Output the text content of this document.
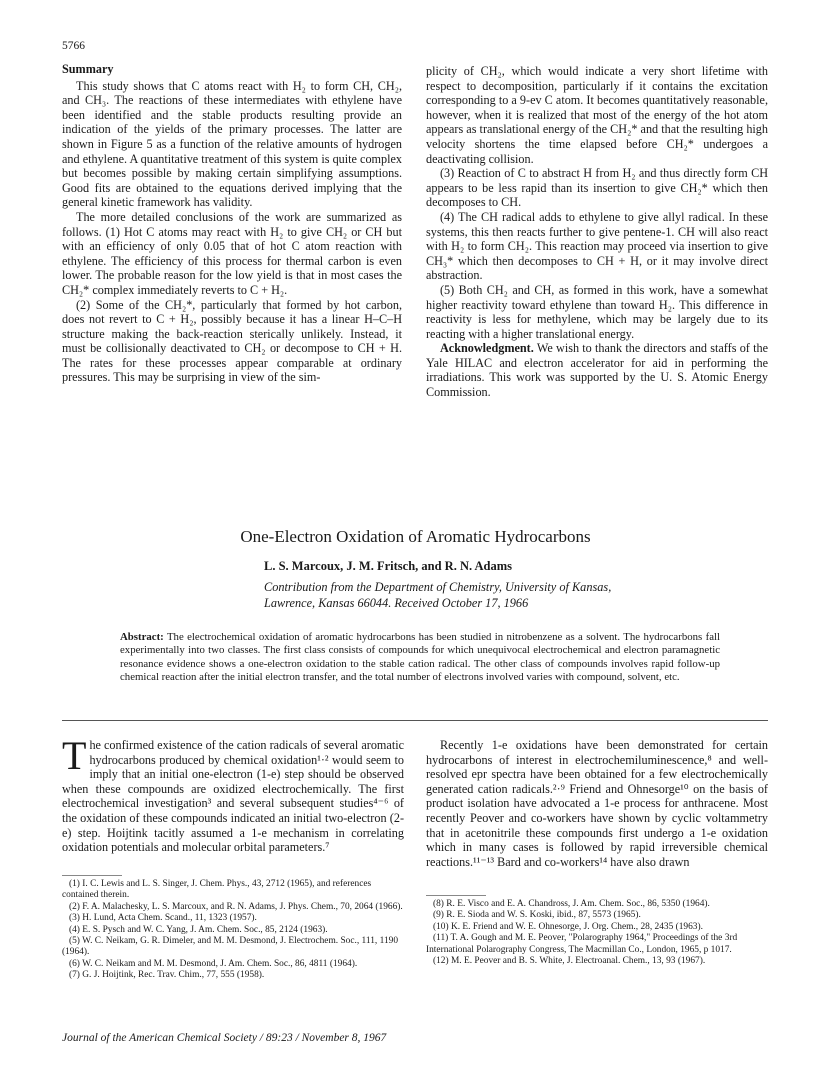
5766
Summary

This study shows that C atoms react with H₂ to form CH, CH₂, and CH₃. The reactions of these intermediates with ethylene have been identified and the stable products resulting provide an indication of the yields of the primary processes. The latter are shown in Figure 5 as a function of the relative amounts of hydrogen and ethylene. A quantitative treatment of this system is quite complex but becomes possible by making certain simplifying assumptions. Good fits are obtained to the equations derived implying that the general kinetic framework has validity.

The more detailed conclusions of the work are summarized as follows. (1) Hot C atoms may react with H₂ to give CH₂ or CH but with an efficiency of only 0.05 that of hot C atom reaction with ethylene. The efficiency of this process for thermal carbon is even lower. The probable reason for the low yield is that in most cases the CH₂* complex immediately reverts to C + H₂.

(2) Some of the CH₂*, particularly that formed by hot carbon, does not revert to C + H₂, possibly because it has a linear H–C–H structure making the back-reaction sterically unlikely. Instead, it must be collisionally deactivated to CH₂ or decompose to CH + H. The rates for these processes appear comparable at ordinary pressures. This may be surprising in view of the sim-

plicity of CH₂, which would indicate a very short lifetime with respect to decomposition, particularly if it contains the excitation corresponding to a 9-ev C atom. It becomes quantitatively reasonable, however, when it is realized that most of the energy of the hot atom appears as translational energy of the CH₂* and that the resulting high velocity shortens the time elapsed before CH₂* undergoes a deactivating collision.

(3) Reaction of C to abstract H from H₂ and thus directly form CH appears to be less rapid than its insertion to give CH₂* which then decomposes to CH.

(4) The CH radical adds to ethylene to give allyl radical. In these systems, this then reacts further to give pentene-1. CH will also react with H₂ to form CH₂. This reaction may proceed via insertion to give CH₃* which then decomposes to CH + H, or it may involve direct abstraction.

(5) Both CH₂ and CH, as formed in this work, have a somewhat higher reactivity toward ethylene than toward H₂. This difference in reactivity is less for methylene, which may be largely due to its reacting with a higher translational energy.

Acknowledgment. We wish to thank the directors and staffs of the Yale HILAC and electron accelerator for aid in performing the irradiations. This work was supported by the U. S. Atomic Energy Commission.

One-Electron Oxidation of Aromatic Hydrocarbons
L. S. Marcoux, J. M. Fritsch, and R. N. Adams
Contribution from the Department of Chemistry, University of Kansas,
Lawrence, Kansas 66044. Received October 17, 1966
Abstract: The electrochemical oxidation of aromatic hydrocarbons has been studied in nitrobenzene as a solvent. The hydrocarbons fall experimentally into two classes. The first class consists of compounds for which unequivocal electrochemical and electron paramagnetic resonance evidence shows a one-electron oxidation to the stable cation radical. The other class of compounds involves rapid follow-up chemical reaction after the initial electron transfer, and the total number of electrons involved varies with compound, solvent, etc.
The confirmed existence of the cation radicals of several aromatic hydrocarbons produced by chemical oxidation¹·² would seem to imply that an initial one-electron (1-e) step should be observed when these compounds are oxidized electrochemically. The first electrochemical investigation³ and several subsequent studies⁴⁻⁶ of the oxidation of these compounds indicated an initial two-electron (2-e) step. Hoijtink tacitly assumed a 1-e mechanism in correlating oxidation potentials and molecular orbital parameters.⁷

Recently 1-e oxidations have been demonstrated for certain hydrocarbons of interest in electrochemiluminescence,⁸ and well-resolved epr spectra have been obtained for a few electrochemically generated cation radicals.²·⁹ Friend and Ohnesorge¹⁰ on the basis of product isolation have advocated a 1-e process for anthracene. Most recently Peover and co-workers have shown by cyclic voltammetry that in acetonitrile these compounds first undergo a 1-e oxidation which in many cases is followed by rapid irreversible chemical reactions.¹¹⁻¹³ Bard and co-workers¹⁴ have also drawn

(1) I. C. Lewis and L. S. Singer, J. Chem. Phys., 43, 2712 (1965), and references contained therein.

(2) F. A. Malachesky, L. S. Marcoux, and R. N. Adams, J. Phys. Chem., 70, 2064 (1966).

(3) H. Lund, Acta Chem. Scand., 11, 1323 (1957).

(4) E. S. Pysch and W. C. Yang, J. Am. Chem. Soc., 85, 2124 (1963).

(5) W. C. Neikam, G. R. Dimeler, and M. M. Desmond, J. Electrochem. Soc., 111, 1190 (1964).

(6) W. C. Neikam and M. M. Desmond, J. Am. Chem. Soc., 86, 4811 (1964).

(7) G. J. Hoijtink, Rec. Trav. Chim., 77, 555 (1958).

(8) R. E. Visco and E. A. Chandross, J. Am. Chem. Soc., 86, 5350 (1964).

(9) R. E. Sioda and W. S. Koski, ibid., 87, 5573 (1965).

(10) K. E. Friend and W. E. Ohnesorge, J. Org. Chem., 28, 2435 (1963).

(11) T. A. Gough and M. E. Peover, "Polarography 1964," Proceedings of the 3rd International Polarography Congress, The Macmillan Co., London, 1965, p 1017.

(12) M. E. Peover and B. S. White, J. Electroanal. Chem., 13, 93 (1967).

Journal of the American Chemical Society / 89:23 / November 8, 1967
